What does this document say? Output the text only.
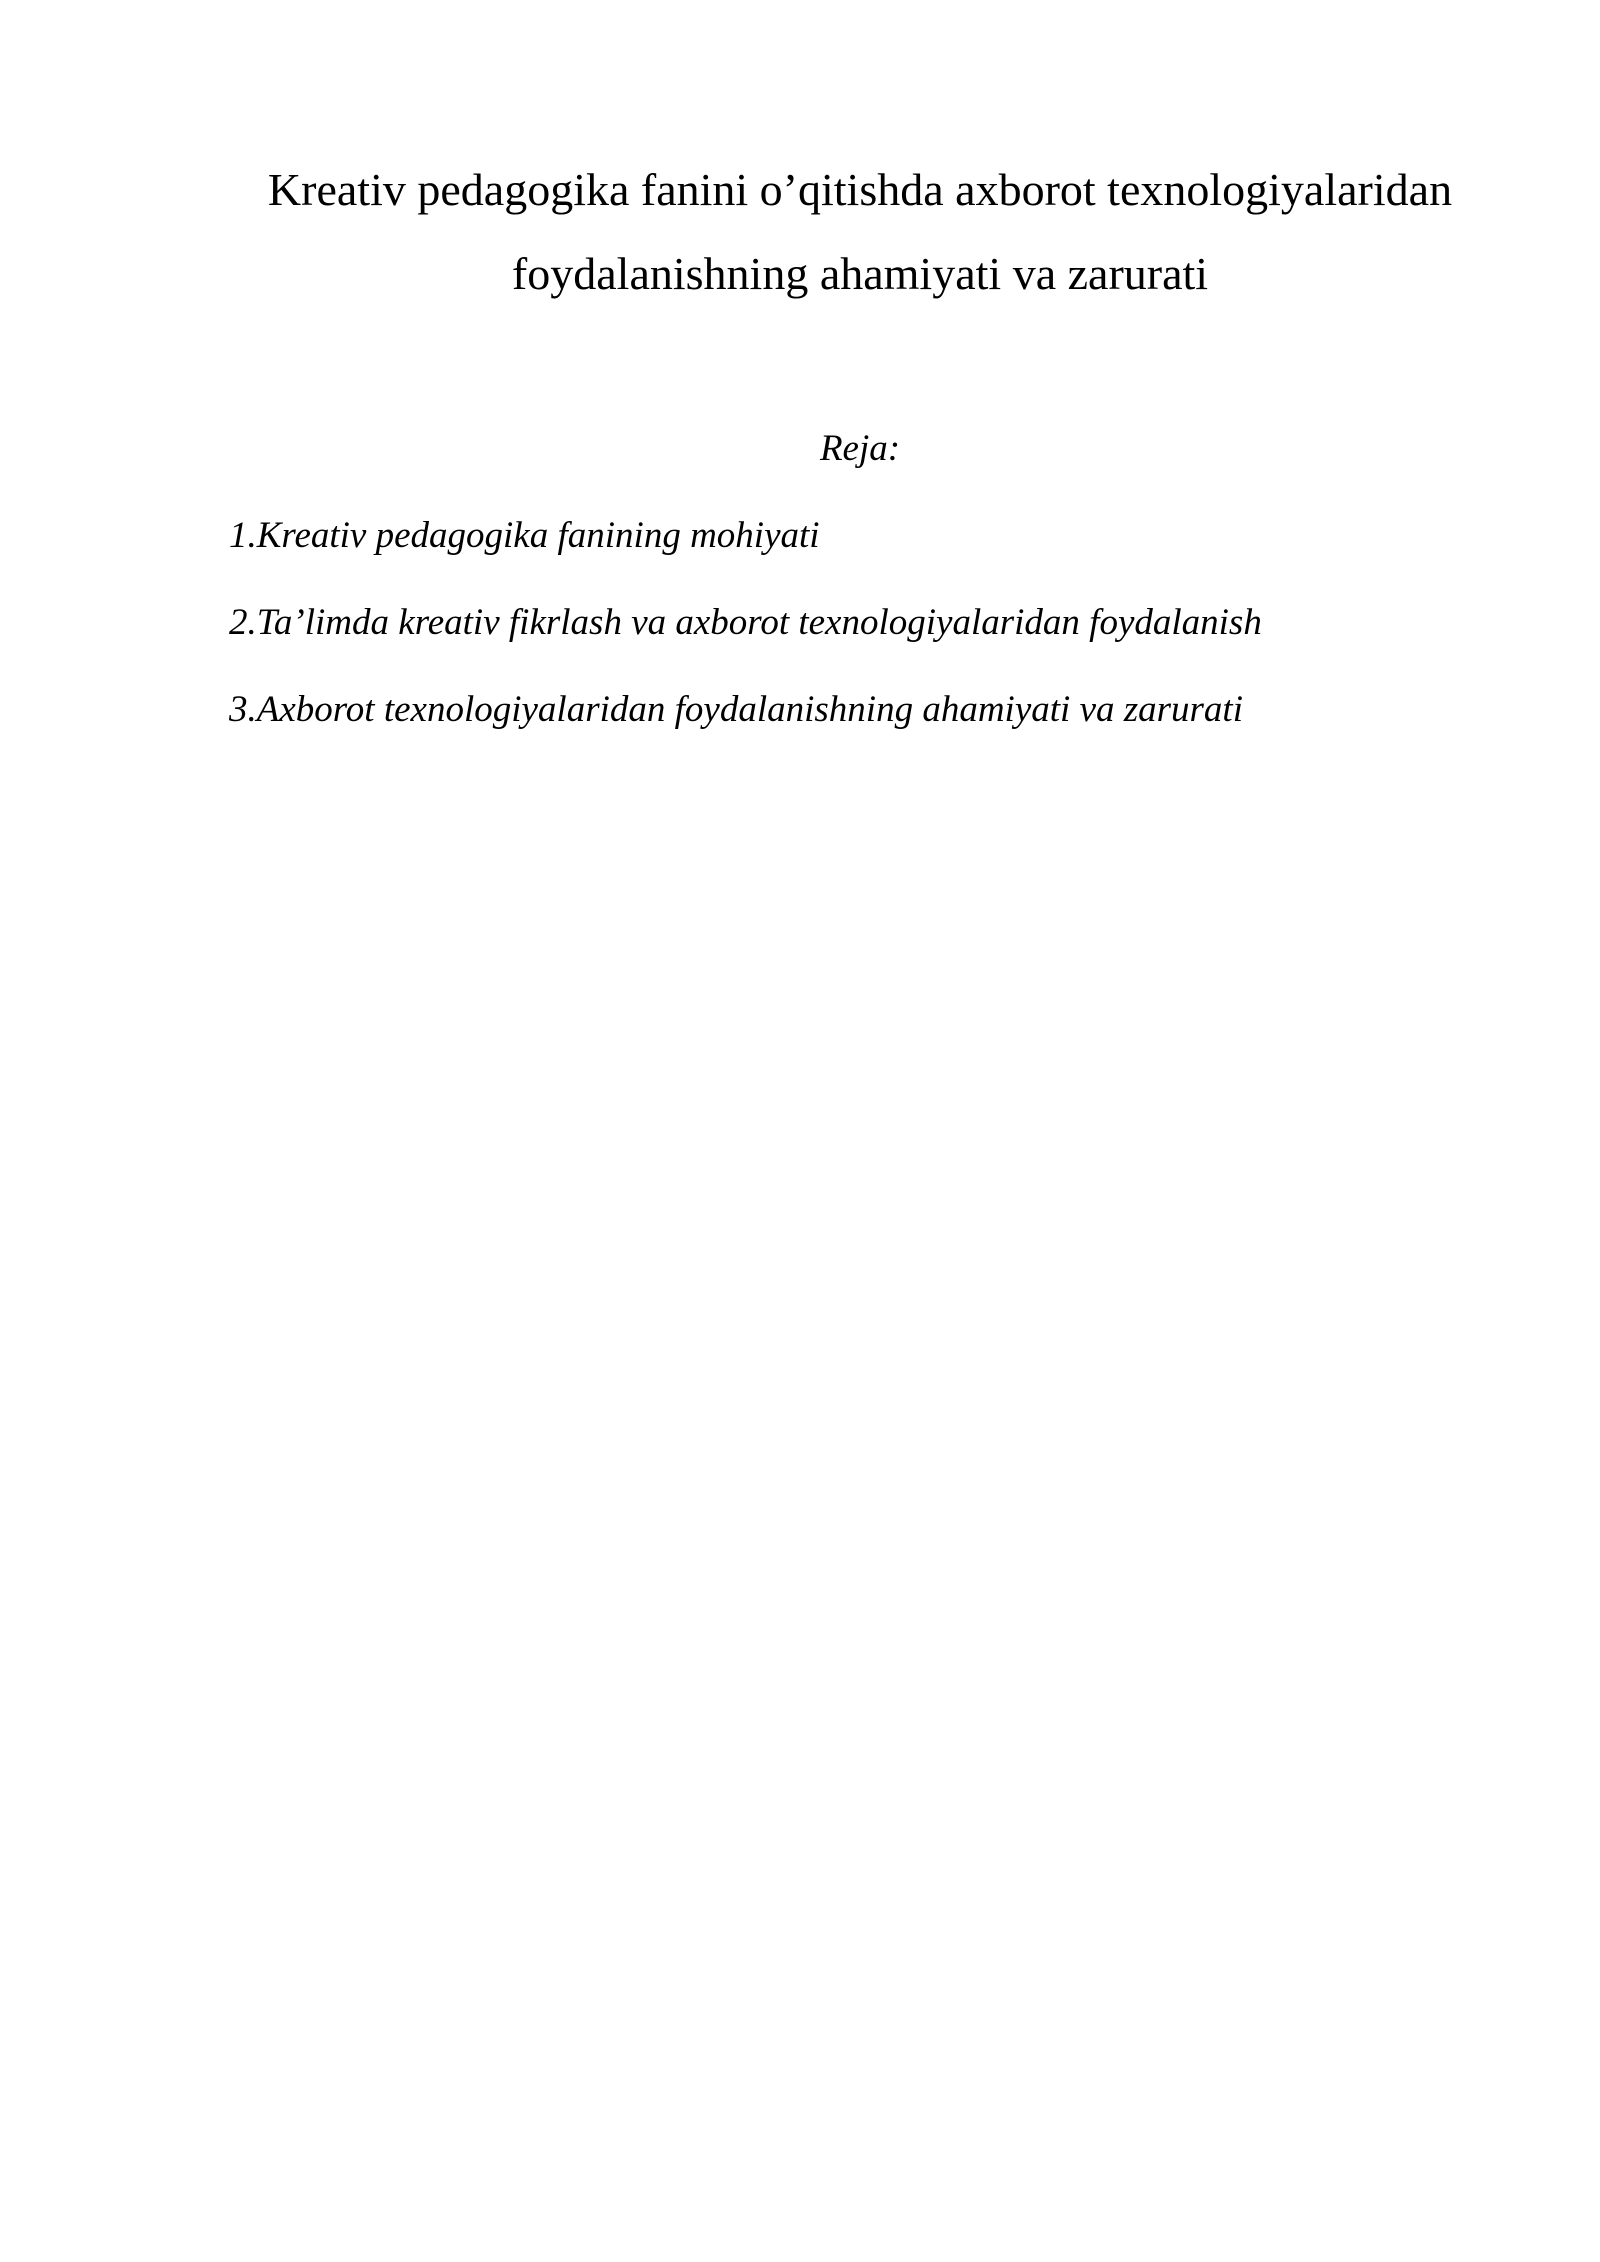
Kreativ pedagogika fanini o’qitishda axborot texnologiyalaridan
foydalanishning ahamiyati va zarurati

Reja:

1.Kreativ pedagogika fanining mohiyati
2.Ta’limda kreativ fikrlash va axborot texnologiyalaridan foydalanish
3.Axborot texnologiyalaridan foydalanishning ahamiyati va zarurati
